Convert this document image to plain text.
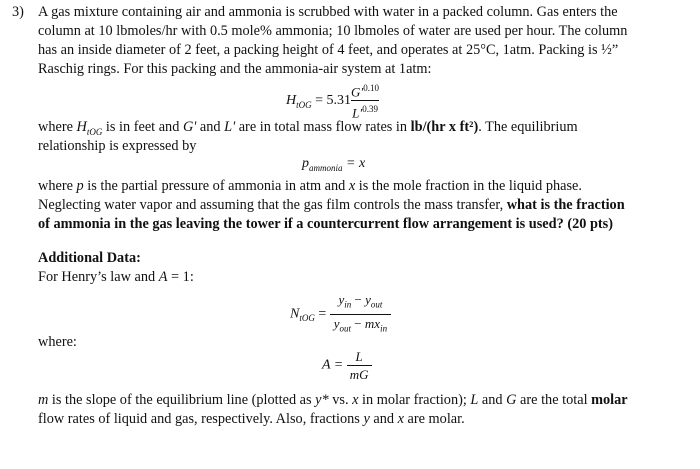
3) A gas mixture containing air and ammonia is scrubbed with water in a packed column. Gas enters the
column at 10 lbmoles/hr with 0.5 mole% ammonia; 10 lbmoles of water are used per hour. The column
has an inside diameter of 2 feet, a packing height of 4 feet, and operates at 25°C, 1atm. Packing is ½”
Raschig rings. For this packing and the ammonia-air system at 1atm:
$H_{tOG} = 5.31 \frac{G'^{0.10}}{L'^{0.39}}$
where $H_{tOG}$ is in feet and G' and L' are in total mass flow rates in lb/(hr x ft²). The equilibrium
relationship is expressed by
$p_{ammonia} = x$
where p is the partial pressure of ammonia in atm and x is the mole fraction in the liquid phase.
Neglecting water vapor and assuming that the gas film controls the mass transfer, what is the fraction
of ammonia in the gas leaving the tower if a countercurrent flow arrangement is used? (20 pts)
Additional Data:
For Henry’s law and A = 1:
$N_{tOG} = \frac{y_{in} - y_{out}}{y_{out} - mx_{in}}$
where:
$A = \frac{L}{mG}$
m is the slope of the equilibrium line (plotted as y* vs. x in molar fraction); L and G are the total molar
flow rates of liquid and gas, respectively. Also, fractions y and x are molar.
